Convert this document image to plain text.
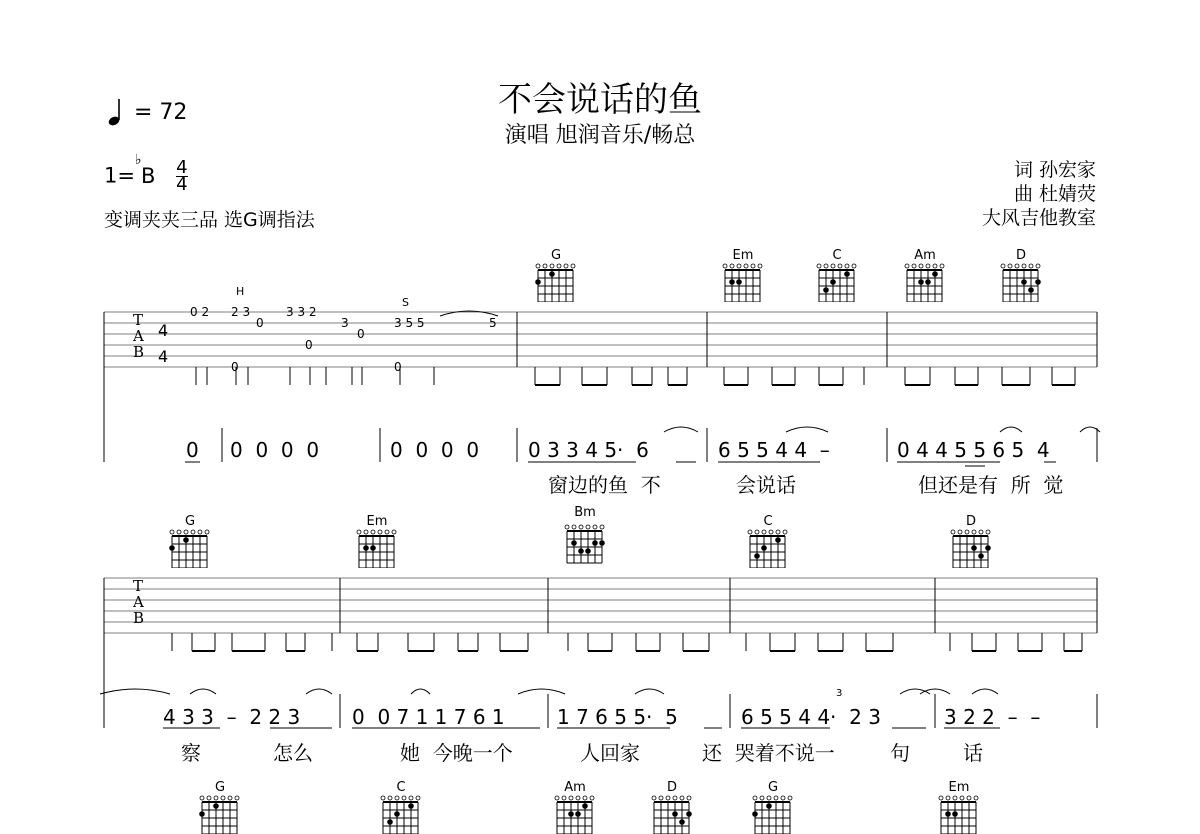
不会说话的鱼
演唱 旭润音乐/畅总
= 72
1=
♭
B $\frac{4}{4}$
变调夹夹三品 选G调指法
词 孙宏家
曲 杜婧荧
大风吉他教室
G	Em	C	Am	D
G	Em
Bm
C	D
G	C	Am	D	G	Em
T
A
B
4
4
T
A
B
0 2
H
2 3
0
0
3 3 2
0
3
0
S
3 5 5
0
5
0 0  0  0  0	0  0  0  0 0 3 3 4 5·  6	6 5 5 4 4  –	0 4 4 5 5 6 5  4
窗边的鱼  不	会说话	但还是有  所  觉
4 3 3  –  2 2 3	0  0 7 1 1 7 6 1	1 7 6 5 5·  5	6 5 5 4 4·  2 3	3 2 2  –  –
3
察	怎么	她  今晚一个	人回家	还  哭着不说一	句	话
